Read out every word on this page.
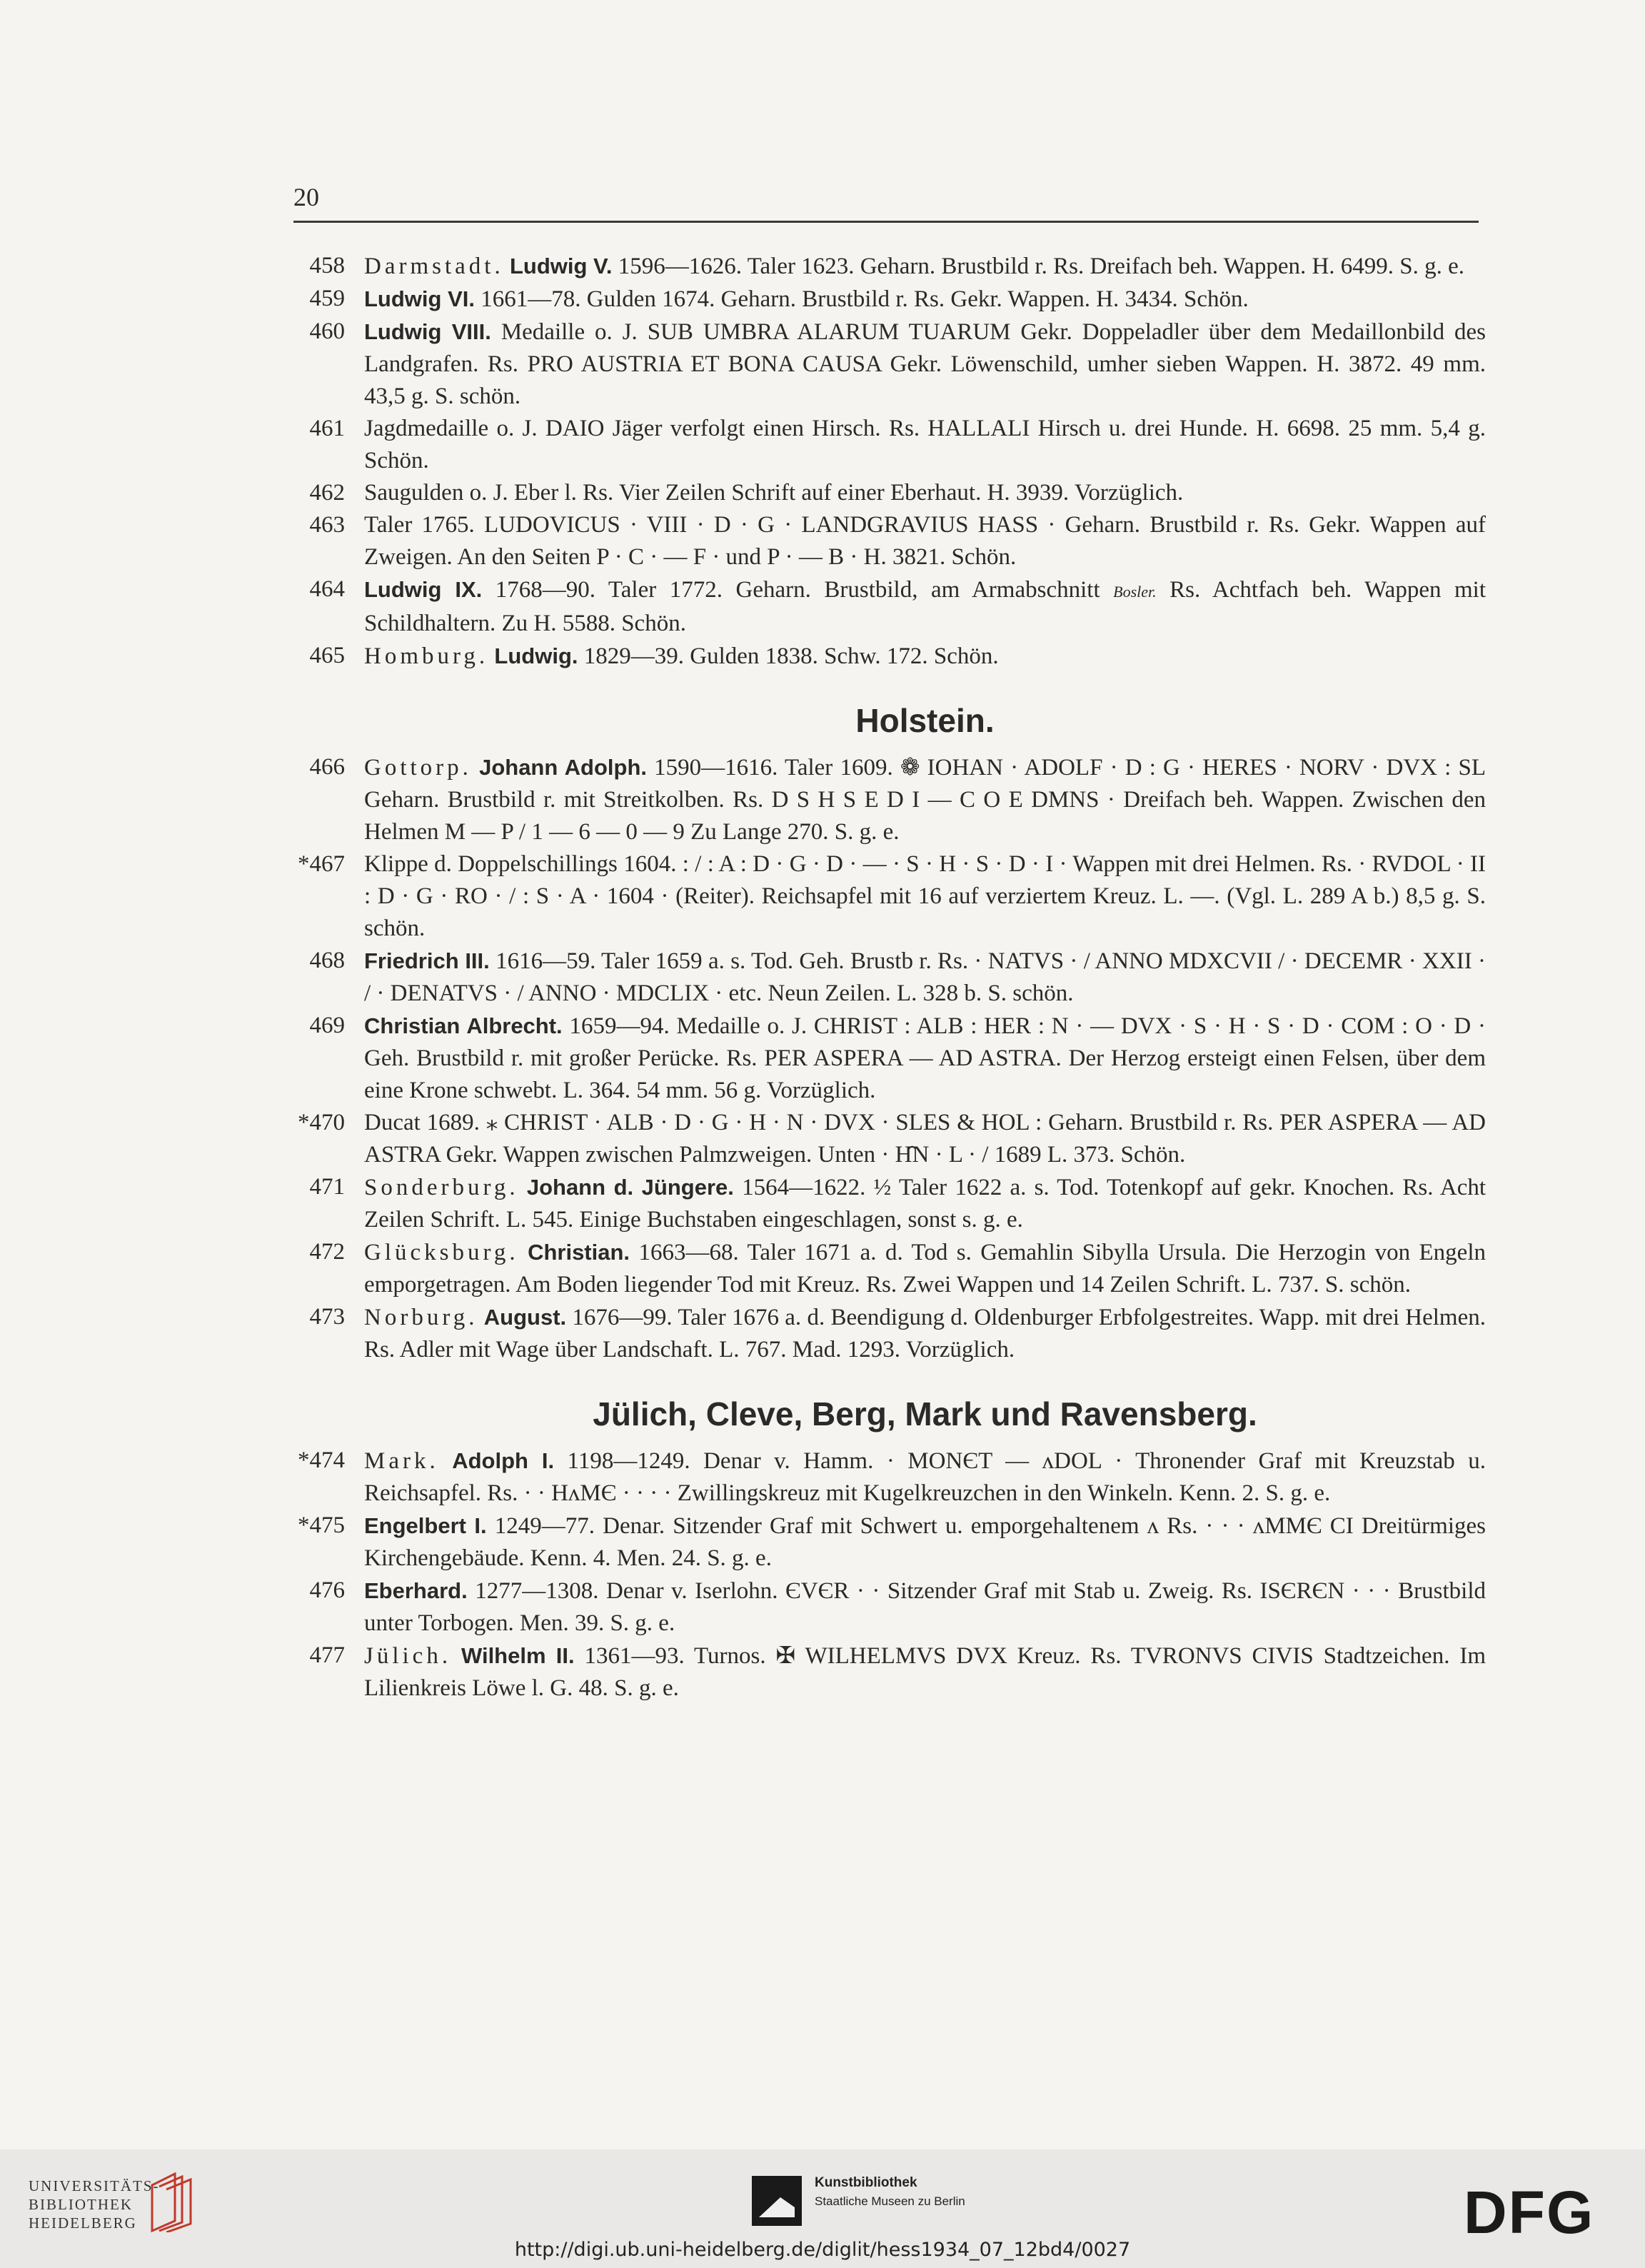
20
458 Darmstadt. Ludwig V. 1596—1626. Taler 1623. Geharn. Brustbild r. Rs. Dreifach beh. Wappen. H. 6499. S. g. e.
459 Ludwig VI. 1661—78. Gulden 1674. Geharn. Brustbild r. Rs. Gekr. Wappen. H. 3434. Schön.
460 Ludwig VIII. Medaille o. J. SUB UMBRA ALARUM TUARUM Gekr. Doppeladler über dem Medaillonbild des Landgrafen. Rs. PRO AUSTRIA ET BONA CAUSA Gekr. Löwenschild, umher sieben Wappen. H. 3872. 49 mm. 43,5 g. S. schön.
461 Jagdmedaille o. J. DAIO Jäger verfolgt einen Hirsch. Rs. HALLALI Hirsch u. drei Hunde. H. 6698. 25 mm. 5,4 g. Schön.
462 Saugulden o. J. Eber l. Rs. Vier Zeilen Schrift auf einer Eberhaut. H. 3939. Vorzüglich.
463 Taler 1765. LUDOVICUS · VIII · D · G · LANDGRAVIUS HASS · Geharn. Brustbild r. Rs. Gekr. Wappen auf Zweigen. An den Seiten P · C · — F · und P · — B · H. 3821. Schön.
464 Ludwig IX. 1768—90. Taler 1772. Geharn. Brustbild, am Armabschnitt Bosler. Rs. Achtfach beh. Wappen mit Schildhaltern. Zu H. 5588. Schön.
465 Homburg. Ludwig. 1829—39. Gulden 1838. Schw. 172. Schön.
Holstein.
466 Gottorp. Johann Adolph. 1590—1616. Taler 1609. ❁ IOHAN · ADOLF · D : G · HERES · NORV · DVX : SL Geharn. Brustbild r. mit Streitkolben. Rs. D S H S E D I — C O E DMNS · Dreifach beh. Wappen. Zwischen den Helmen M — P / 1 — 6 — 0 — 9 Zu Lange 270. S. g. e.
*467 Klippe d. Doppelschillings 1604. : / : A : D · G · D · — · S · H · S · D · I · Wappen mit drei Helmen. Rs. · RVDOL · II : D · G · RO · / : S · A · 1604 · (Reiter). Reichsapfel mit 16 auf verziertem Kreuz. L. —. (Vgl. L. 289 A b.) 8,5 g. S. schön.
468 Friedrich III. 1616—59. Taler 1659 a. s. Tod. Geh. Brustb r. Rs. · NATVS · / ANNO MDXCVII / · DECEMR · XXII · / · DENATVS · / ANNO · MDCLIX · etc. Neun Zeilen. L. 328 b. S. schön.
469 Christian Albrecht. 1659—94. Medaille o. J. CHRIST : ALB : HER : N · — DVX · S · H · S · D · COM : O · D · Geh. Brustbild r. mit großer Perücke. Rs. PER ASPERA — AD ASTRA. Der Herzog ersteigt einen Felsen, über dem eine Krone schwebt. L. 364. 54 mm. 56 g. Vorzüglich.
*470 Ducat 1689. ⁎ CHRIST · ALB · D · G · H · N · DVX · SLES & HOL : Geharn. Brustbild r. Rs. PER ASPERA — AD ASTRA Gekr. Wappen zwischen Palmzweigen. Unten · H̑N · L · / 1689 L. 373. Schön.
471 Sonderburg. Johann d. Jüngere. 1564—1622. ½ Taler 1622 a. s. Tod. Totenkopf auf gekr. Knochen. Rs. Acht Zeilen Schrift. L. 545. Einige Buchstaben eingeschlagen, sonst s. g. e.
472 Glücksburg. Christian. 1663—68. Taler 1671 a. d. Tod s. Gemahlin Sibylla Ursula. Die Herzogin von Engeln emporgetragen. Am Boden liegender Tod mit Kreuz. Rs. Zwei Wappen und 14 Zeilen Schrift. L. 737. S. schön.
473 Norburg. August. 1676—99. Taler 1676 a. d. Beendigung d. Oldenburger Erbfolgestreites. Wapp. mit drei Helmen. Rs. Adler mit Wage über Landschaft. L. 767. Mad. 1293. Vorzüglich.
Jülich, Cleve, Berg, Mark und Ravensberg.
*474 Mark. Adolph I. 1198—1249. Denar v. Hamm. · MONЄT — ᴧDOL · Thronender Graf mit Kreuzstab u. Reichsapfel. Rs. · · HᴧMЄ · · · · Zwillingskreuz mit Kugelkreuzchen in den Winkeln. Kenn. 2. S. g. e.
*475 Engelbert I. 1249—77. Denar. Sitzender Graf mit Schwert u. emporgehaltenem ᴧ Rs. · · · ᴧMMЄ CI Dreitürmiges Kirchengebäude. Kenn. 4. Men. 24. S. g. e.
476 Eberhard. 1277—1308. Denar v. Iserlohn. ЄVЄR · · Sitzender Graf mit Stab u. Zweig. Rs. ISЄRЄN · · · Brustbild unter Torbogen. Men. 39. S. g. e.
477 Jülich. Wilhelm II. 1361—93. Turnos. ✠ WILHELMVS DVX Kreuz. Rs. TVRONVS CIVIS Stadtzeichen. Im Lilienkreis Löwe l. G. 48. S. g. e.
UNIVERSITÄTS-
BIBLIOTHEK
HEIDELBERG
Kunstbibliothek
Staatliche Museen zu Berlin	DFG
http://digi.ub.uni-heidelberg.de/diglit/hess1934_07_12bd4/0027
